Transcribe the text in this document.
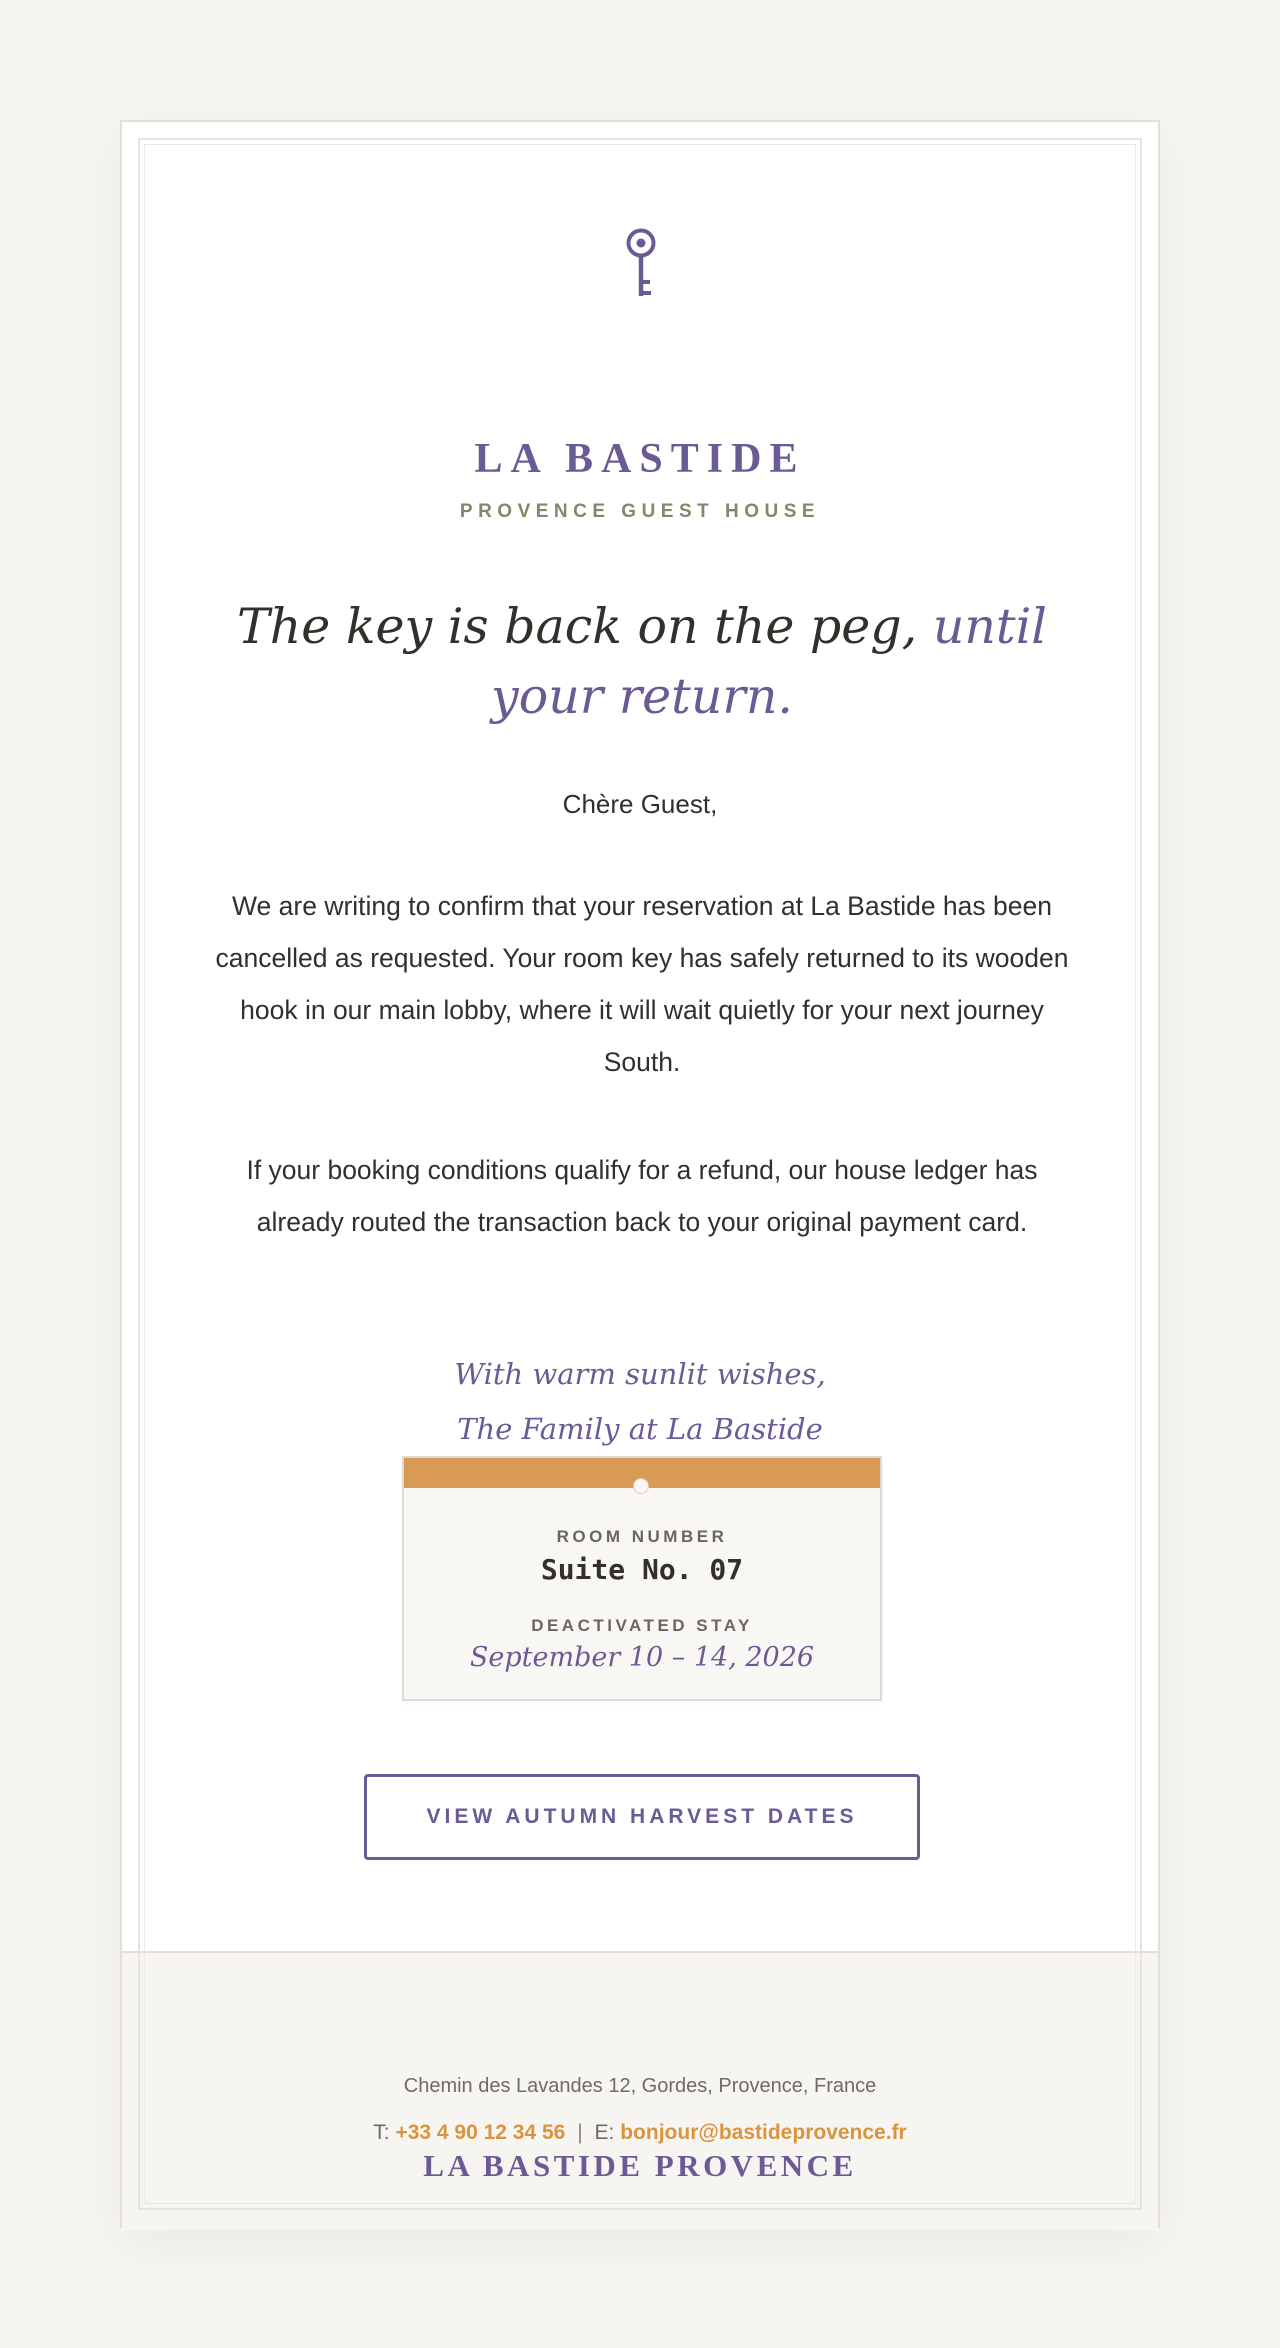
LA BASTIDE
PROVENCE GUEST HOUSE
The key is back on the peg, until your return.
Chère Guest,

We are writing to confirm that your reservation at La Bastide has been cancelled as requested. Your room key has safely returned to its wooden hook in our main lobby, where it will wait quietly for your next journey South.

If your booking conditions qualify for a refund, our house ledger has already routed the transaction back to your original payment card.

With warm sunlit wishes,
The Family at La Bastide
ROOM NUMBER
Suite No. 07
DEACTIVATED STAY
September 10 – 14, 2026
VIEW AUTUMN HARVEST DATES
LA BASTIDE PROVENCE
Chemin des Lavandes 12, Gordes, Provence, France
T: +33 4 90 12 34 56 | E: bonjour@bastideprovence.fr
